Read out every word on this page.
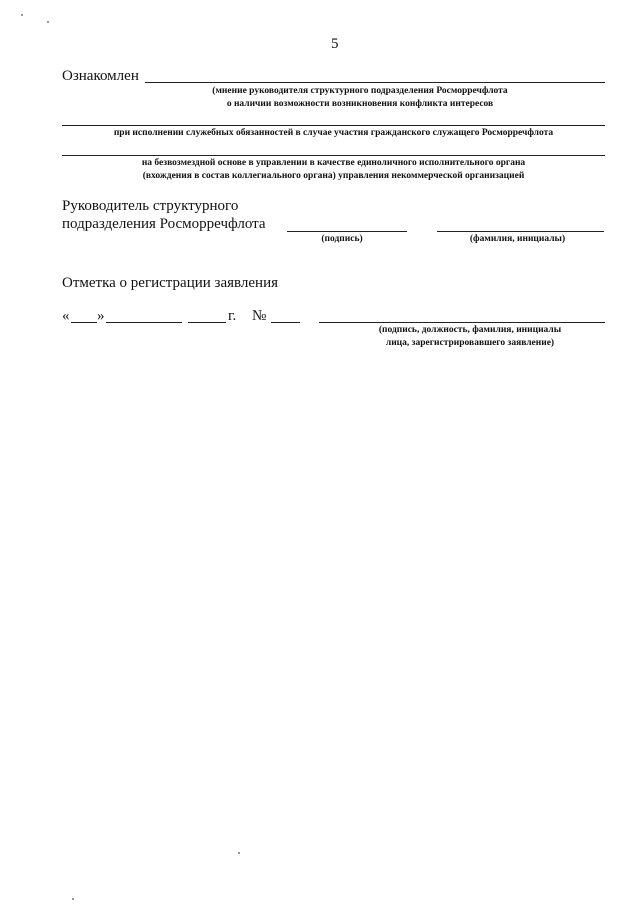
5
Ознакомлен
(мнение руководителя структурного подразделения Росморречфлота
о наличии возможности возникновения конфликта интересов
при исполнении служебных обязанностей в случае участия гражданского служащего Росморречфлота
на безвозмездной основе в управлении в качестве единоличного исполнительного органа
(вхождения в состав коллегиального органа) управления некоммерческой организацией
Руководитель структурного
подразделения Росморречфлота
(подпись)	(фамилия, инициалы)
Отметка о регистрации заявления
« »	г. №
(подпись, должность, фамилия, инициалы
лица, зарегистрировавшего заявление)
